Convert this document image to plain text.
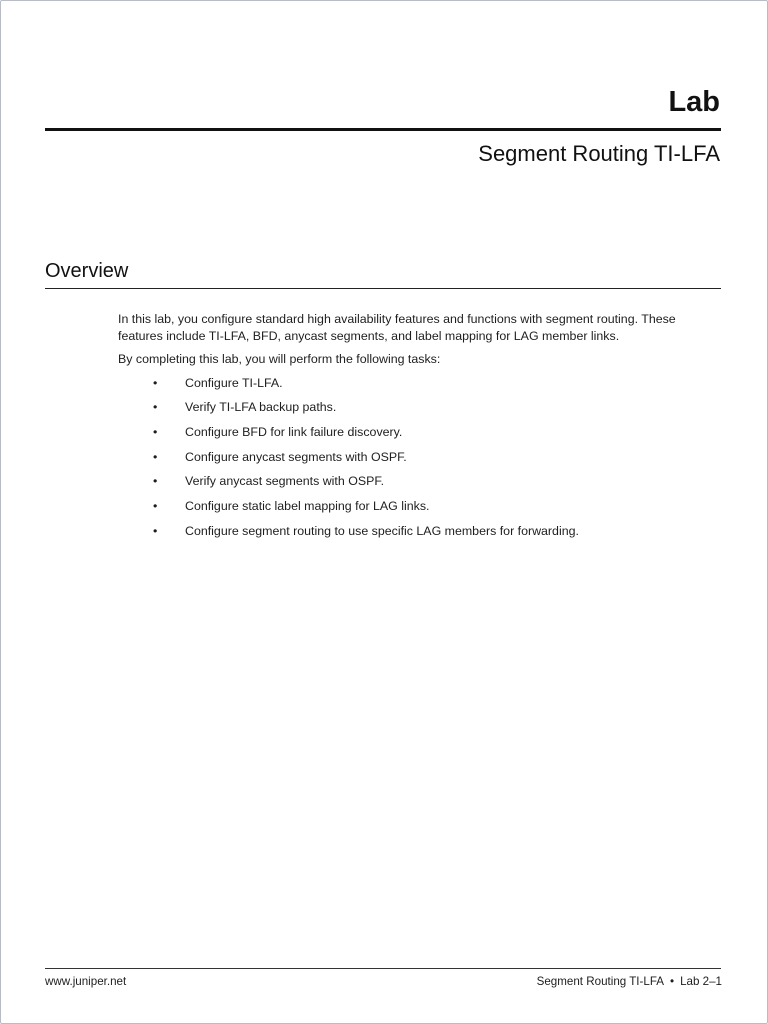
Lab
Segment Routing TI-LFA
Overview

In this lab, you configure standard high availability features and functions with segment routing. These features include TI-LFA, BFD, anycast segments, and label mapping for LAG member links.

By completing this lab, you will perform the following tasks:

• Configure TI-LFA.
• Verify TI-LFA backup paths.
• Configure BFD for link failure discovery.
• Configure anycast segments with OSPF.
• Verify anycast segments with OSPF.
• Configure static label mapping for LAG links.
• Configure segment routing to use specific LAG members for forwarding.
www.juniper.net	Segment Routing TI-LFA • Lab 2–1
